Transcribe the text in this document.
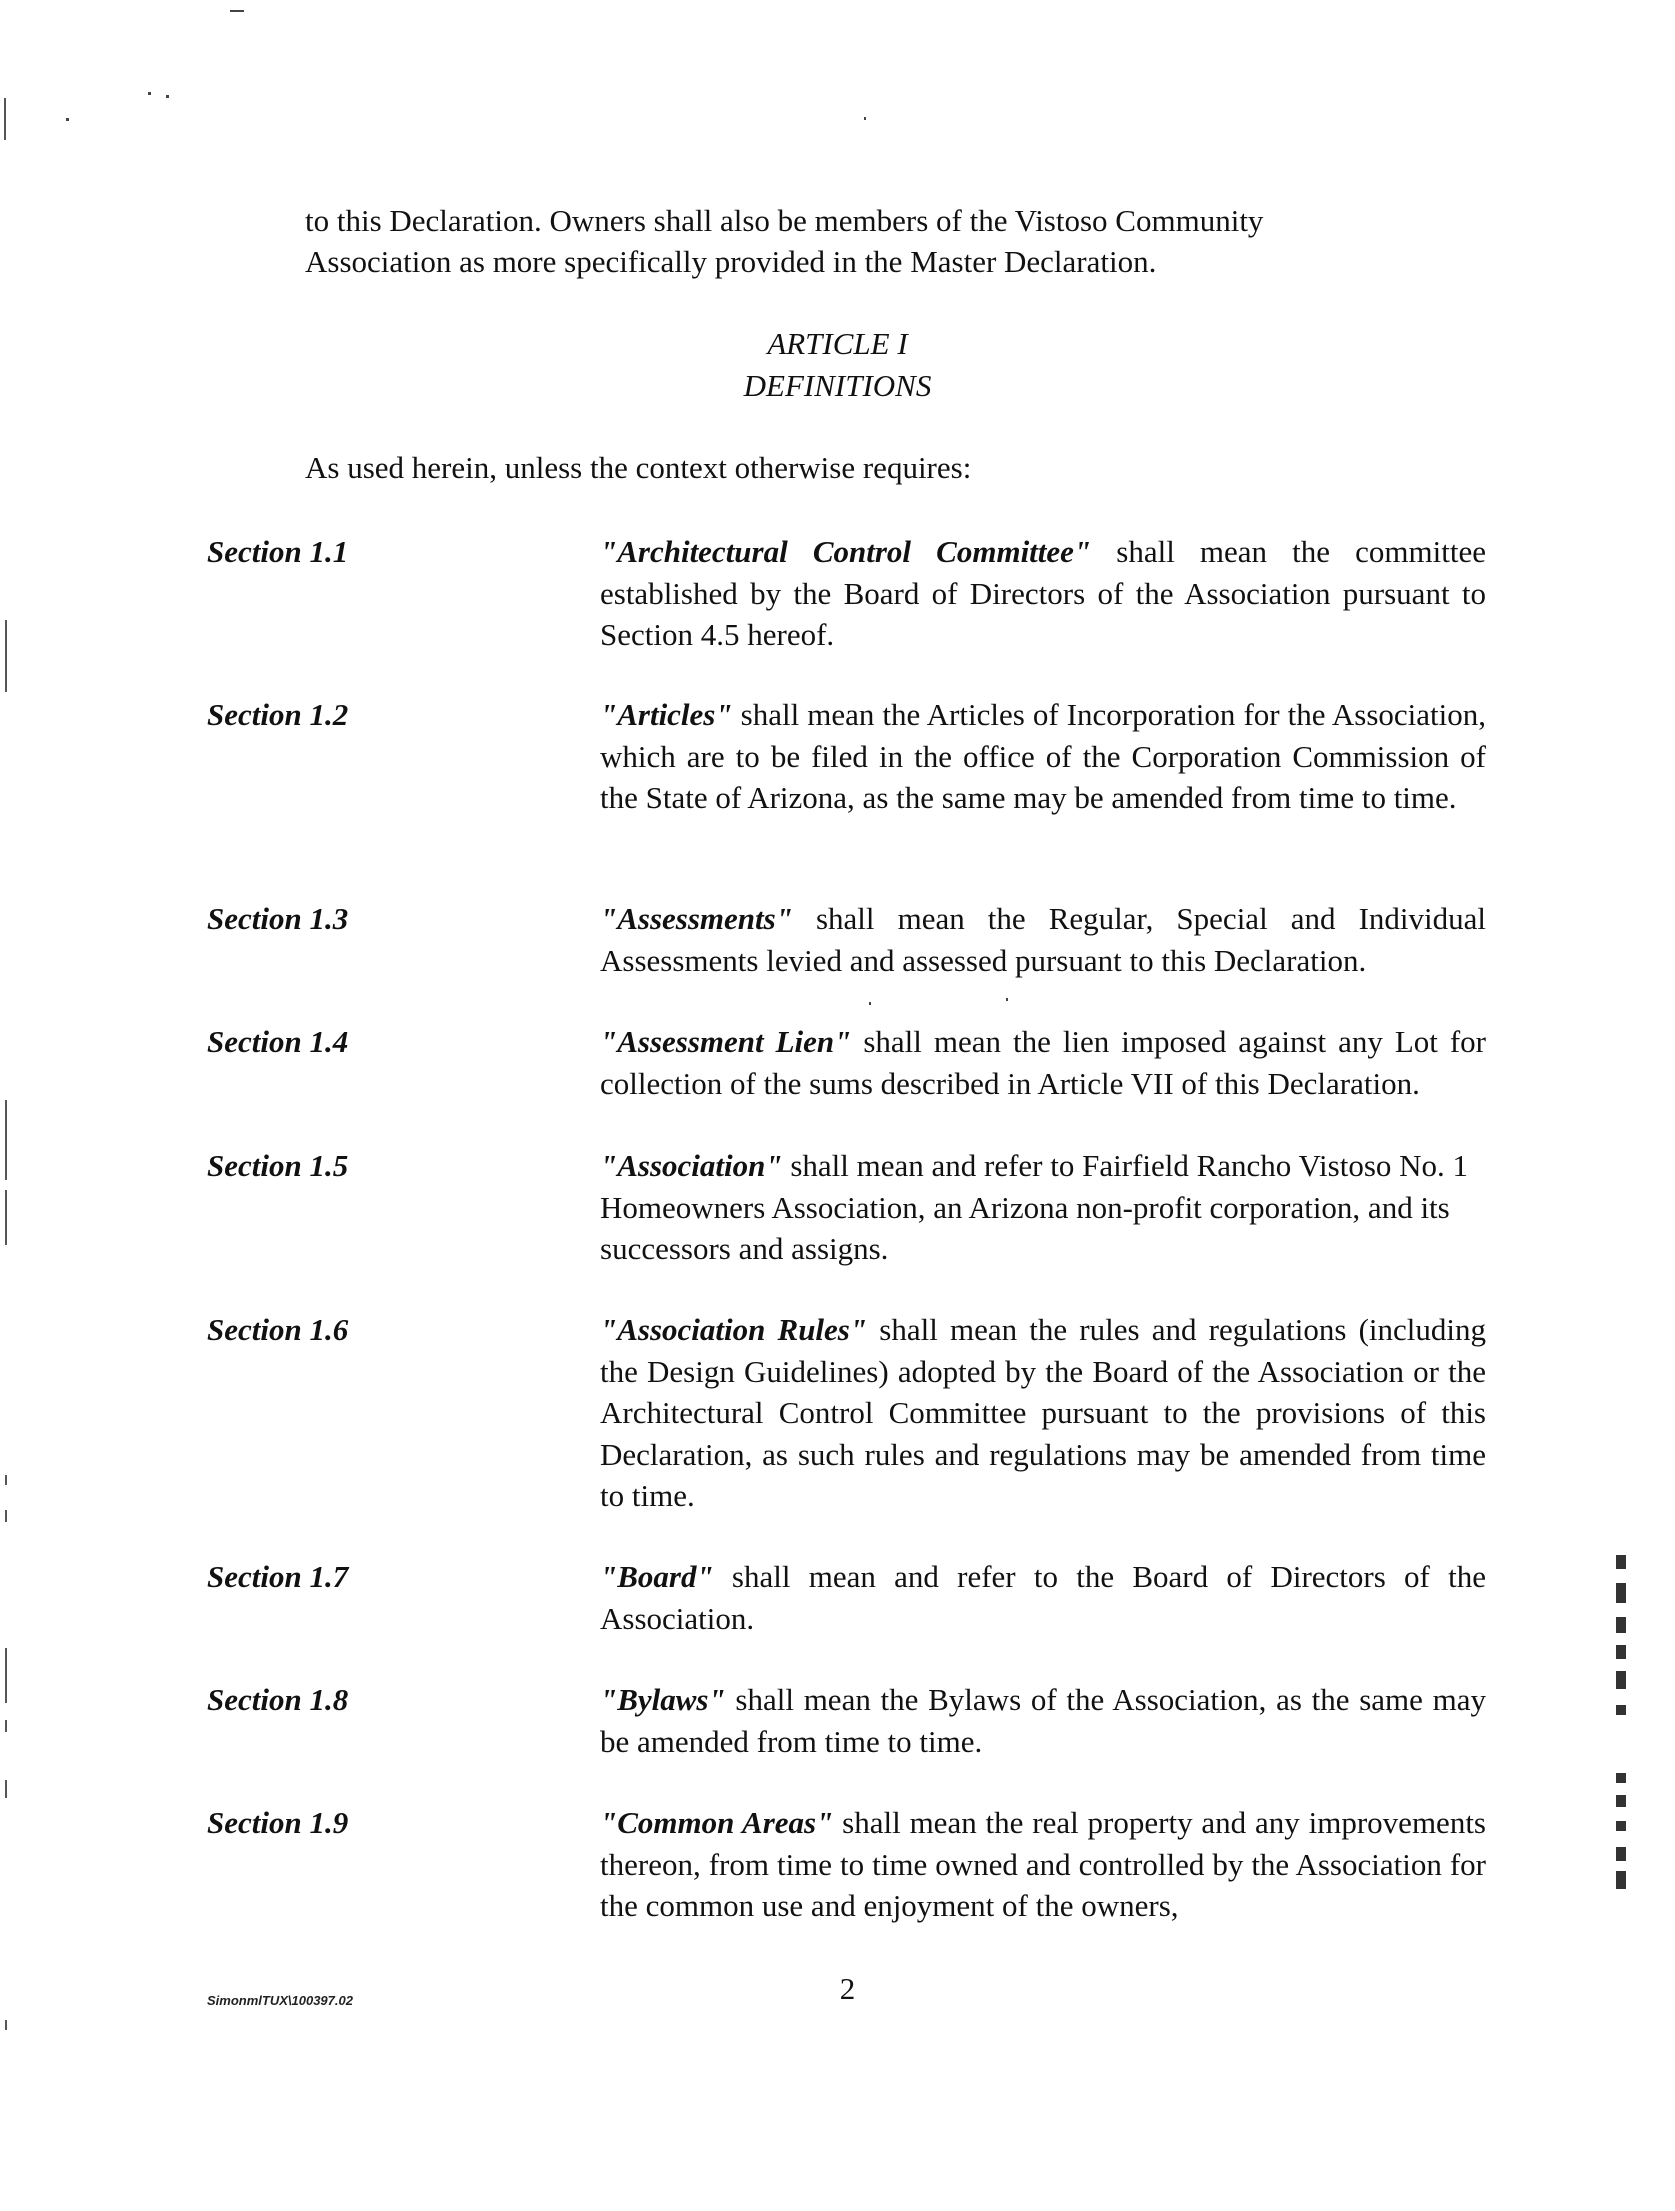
to this Declaration. Owners shall also be members of the Vistoso Community
Association as more specifically provided in the Master Declaration.
ARTICLE I
DEFINITIONS
As used herein, unless the context otherwise requires:
Section 1.1	"Architectural Control Committee" shall mean the committee established by the Board of Directors of the Association pursuant to Section 4.5 hereof.
Section 1.2	"Articles" shall mean the Articles of Incorporation for the Association, which are to be filed in the office of the Corporation Commission of the State of Arizona, as the same may be amended from time to time.
Section 1.3	"Assessments" shall mean the Regular, Special and Individual Assessments levied and assessed pursuant to this Declaration.
Section 1.4	"Assessment Lien" shall mean the lien imposed against any Lot for collection of the sums described in Article VII of this Declaration.
Section 1.5	"Association" shall mean and refer to Fairfield Rancho Vistoso No. 1 Homeowners Association, an Arizona non-profit corporation, and its successors and assigns.
Section 1.6	"Association Rules" shall mean the rules and regulations (including the Design Guidelines) adopted by the Board of the Association or the Architectural Control Committee pursuant to the provisions of this Declaration, as such rules and regulations may be amended from time to time.
Section 1.7	"Board" shall mean and refer to the Board of Directors of the Association.
Section 1.8	"Bylaws" shall mean the Bylaws of the Association, as the same may be amended from time to time.
Section 1.9	"Common Areas" shall mean the real property and any improvements thereon, from time to time owned and controlled by the Association for the common use and enjoyment of the owners,
SimonmlTUX\100397.02	2
